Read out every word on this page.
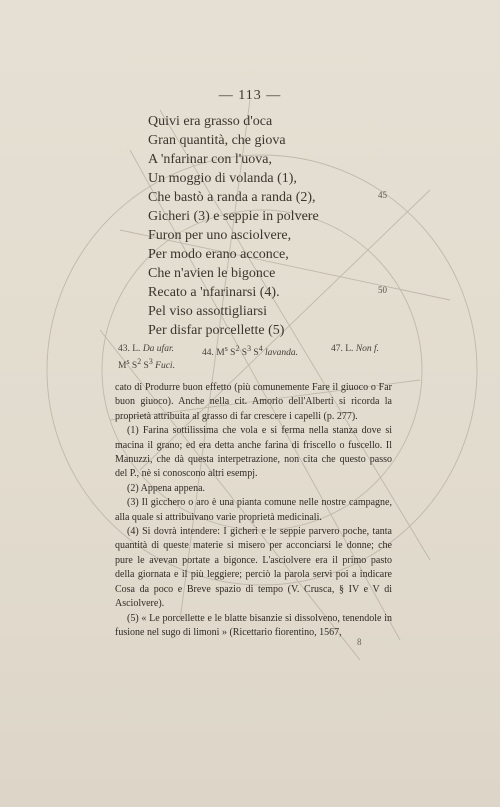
— 113 —
Quivi era grasso d'oca
Gran quantità, che giova
A 'nfarinar con l'uova,
Un moggio di volanda (1),
Che bastò a randa a randa (2),
Gicheri (3) e seppie in polvere
Furon per uno asciolvere,
Per modo erano acconce,
Che n'avien le bigonce
Recato a 'nfarinarsi (4).
Pel viso assottigliarsi
Per disfar porcellette (5)
45
50
43. L. Da ufar.	44. $M^s$ $S^2$ $S^3$ $S^4$ lavanda.	47. L. Non f.
$M^s$ $S^2$ $S^3$ Fuci.

cato di Produrre buon effetto (più comunemente Fare il giuoco o Far buon giuoco). Anche nella cit. Amorio dell'Alberti si ricorda la proprietà attribuita al grasso di far crescere i capelli (p. 277).

(1) Farina sottilissima che vola e si ferma nella stanza dove si macina il grano; ed era detta anche farina di friscello o fuscello. Il Manuzzi, che dà questa interpetrazione, non cita che questo passo del P., nè si conoscono altri esempj.

(2) Appena appena.

(3) Il gicchero o aro è una pianta comune nelle nostre campagne, alla quale si attribuivano varie proprietà medicinali.

(4) Si dovrà intendere: I gicheri e le seppie parvero poche, tanta quantità di queste materie si misero per acconciarsi le donne; che pure le avevan portate a bigonce. L'asciolvere era il primo pasto della giornata e il più leggiere; perciò la parola servì poi a indicare Cosa da poco e Breve spazio di tempo (V. Crusca, § IV e V di Asciolvere).

(5) « Le porcellette e le blatte bisanzie si dissolveno, tenendole in fusione nel sugo di limoni » (Ricettario fiorentino, 1567,

8
